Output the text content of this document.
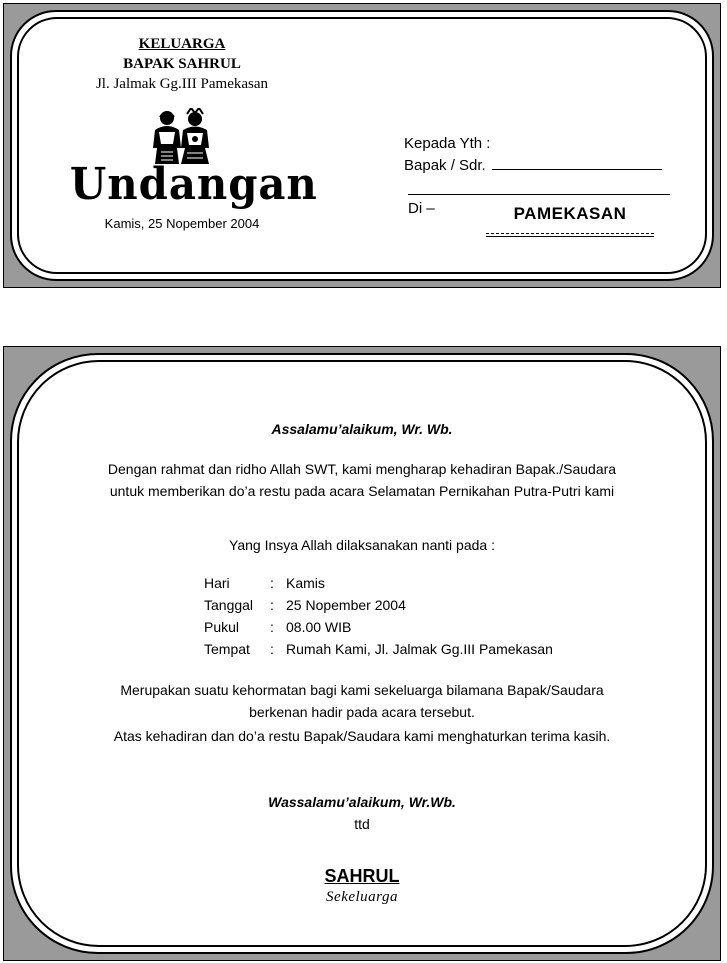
KELUARGA
BAPAK SAHRUL
Jl. Jalmak Gg.III Pamekasan
Undangan
Kamis, 25 Nopember 2004
Kepada Yth :
Bapak / Sdr.
Di –	PAMEKASAN
Assalamu’alaikum, Wr. Wb.
Dengan rahmat dan ridho Allah SWT, kami mengharap kehadiran Bapak./Saudara
untuk memberikan do’a restu pada acara Selamatan Pernikahan Putra-Putri kami
Yang Insya Allah dilaksanakan nanti pada :
Hari	: Kamis
Tanggal : 25 Nopember 2004
Pukul : 08.00 WIB
Tempat : Rumah Kami, Jl. Jalmak Gg.III Pamekasan
Merupakan suatu kehormatan bagi kami sekeluarga bilamana Bapak/Saudara
berkenan hadir pada acara tersebut.
Atas kehadiran dan do’a restu Bapak/Saudara kami menghaturkan terima kasih.
Wassalamu’alaikum, Wr.Wb.
ttd
SAHRUL
Sekeluarga
